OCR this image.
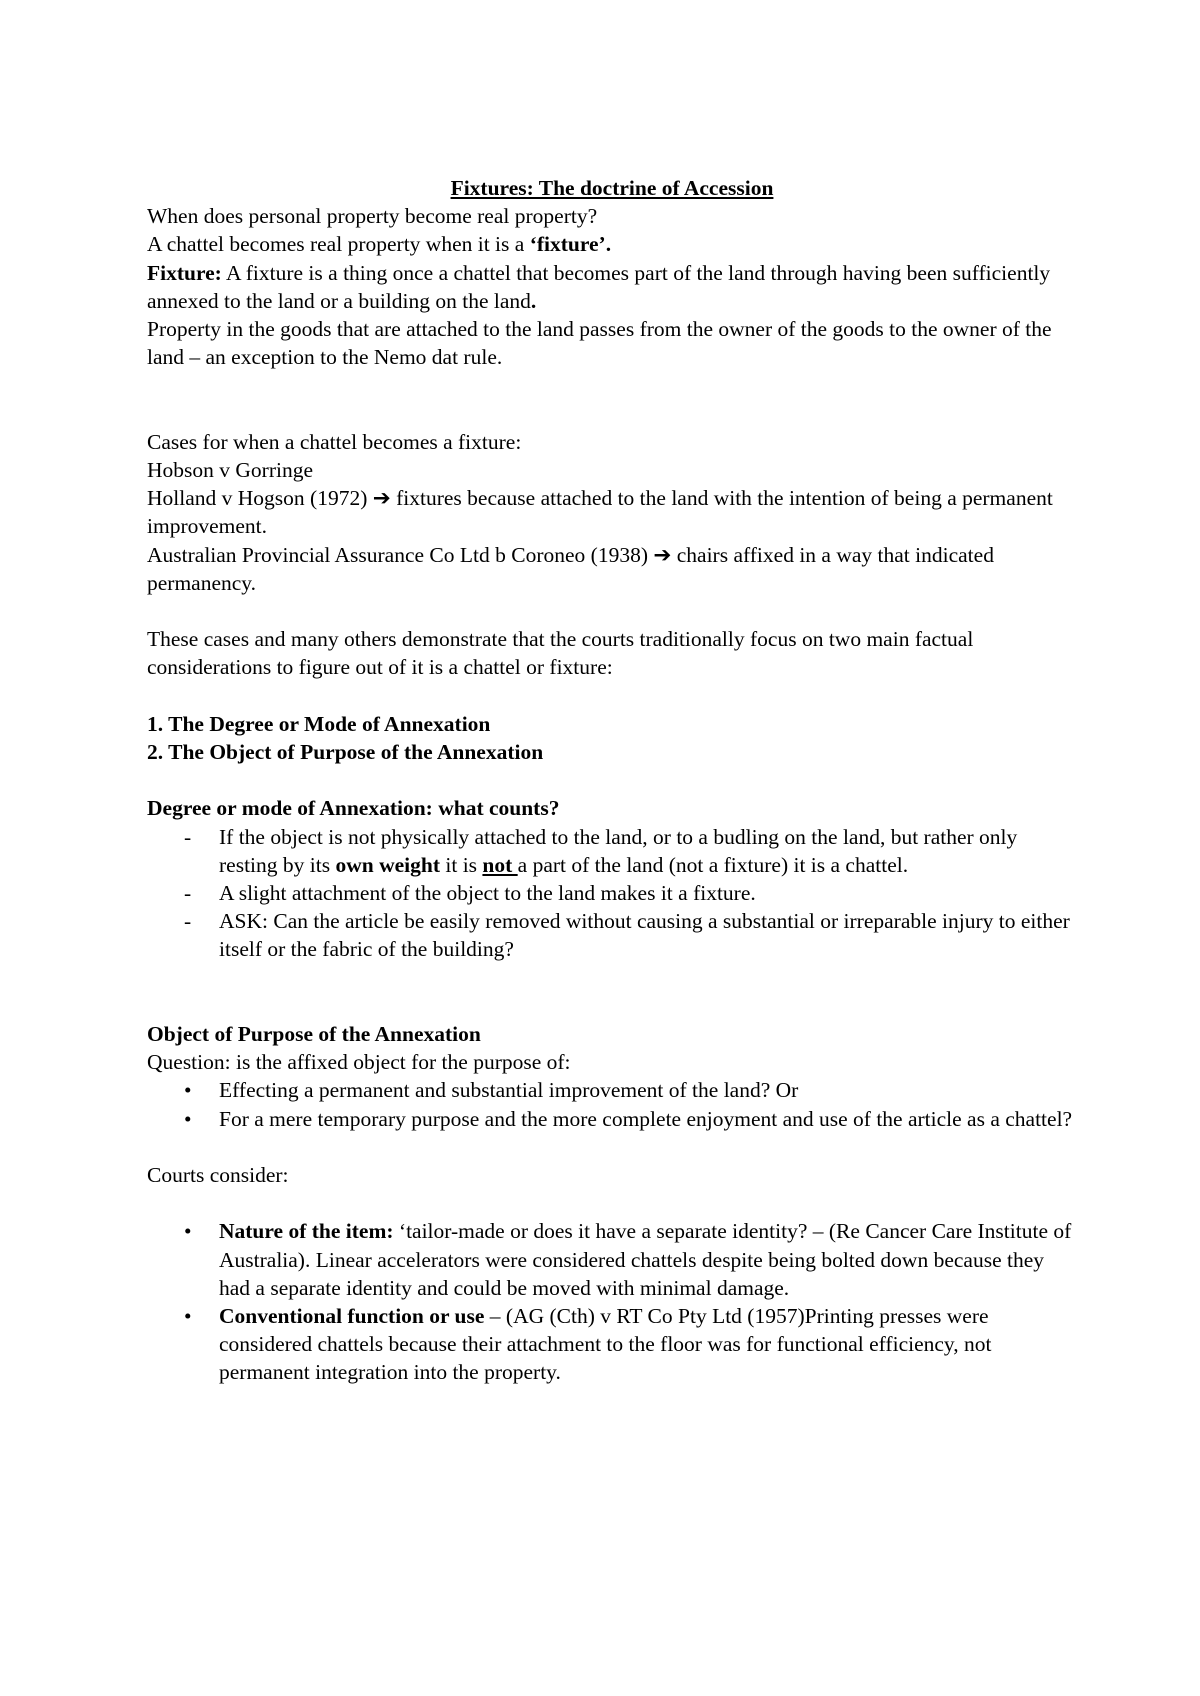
Fixtures: The doctrine of Accession

When does personal property become real property?

A chattel becomes real property when it is a ‘fixture’.

Fixture: A fixture is a thing once a chattel that becomes part of the land through having been sufficiently annexed to the land or a building on the land.

Property in the goods that are attached to the land passes from the owner of the goods to the owner of the land – an exception to the Nemo dat rule.

Cases for when a chattel becomes a fixture:

Hobson v Gorringe

Holland v Hogson (1972) ➔ fixtures because attached to the land with the intention of being a permanent improvement.

Australian Provincial Assurance Co Ltd b Coroneo (1938) ➔ chairs affixed in a way that indicated permanency.

These cases and many others demonstrate that the courts traditionally focus on two main factual considerations to figure out of it is a chattel or fixture:

1. The Degree or Mode of Annexation

2. The Object of Purpose of the Annexation

Degree or mode of Annexation: what counts?

- If the object is not physically attached to the land, or to a budling on the land, but rather only resting by its own weight it is not a part of the land (not a fixture) it is a chattel.
- A slight attachment of the object to the land makes it a fixture.
- ASK: Can the article be easily removed without causing a substantial or irreparable injury to either itself or the fabric of the building?

Object of Purpose of the Annexation

Question: is the affixed object for the purpose of:

• Effecting a permanent and substantial improvement of the land? Or
• For a mere temporary purpose and the more complete enjoyment and use of the article as a chattel?

Courts consider:

• Nature of the item: ‘tailor-made or does it have a separate identity? – (Re Cancer Care Institute of Australia). Linear accelerators were considered chattels despite being bolted down because they had a separate identity and could be moved with minimal damage.
• Conventional function or use – (AG (Cth) v RT Co Pty Ltd (1957)Printing presses were considered chattels because their attachment to the floor was for functional efficiency, not permanent integration into the property.
